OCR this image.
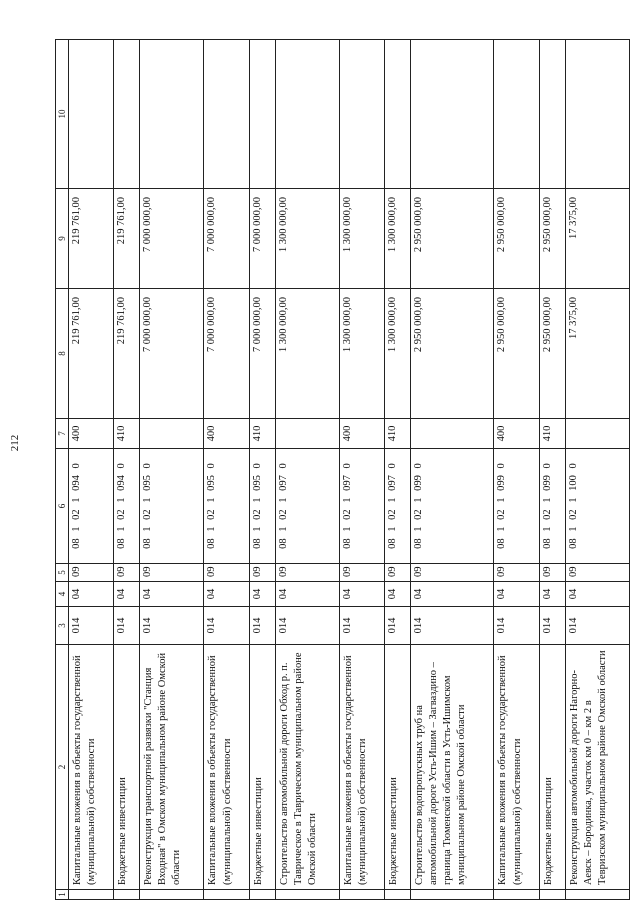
212
1	2	3	4	5	6	7	8	9	10
	Капитальные вложения в объекты государственной (муниципальной) собственности	014	04	09	08 1 02 1 094 0	400	219 761,00	219 761,00	
	Бюджетные инвестиции	014	04	09	08 1 02 1 094 0	410	219 761,00	219 761,00	
	Реконструкция транспортной развязки "Станция Входная" в Омском муниципальном районе Омской области	014	04	09	08 1 02 1 095 0		7 000 000,00	7 000 000,00	
	Капитальные вложения в объекты государственной (муниципальной) собственности	014	04	09	08 1 02 1 095 0	400	7 000 000,00	7 000 000,00	
	Бюджетные инвестиции	014	04	09	08 1 02 1 095 0	410	7 000 000,00	7 000 000,00	
	Строительство автомобильной дороги Обход р. п. Таврическое в Таврическом муниципальном районе Омской области	014	04	09	08 1 02 1 097 0		1 300 000,00	1 300 000,00	
	Капитальные вложения в объекты государственной (муниципальной) собственности	014	04	09	08 1 02 1 097 0	400	1 300 000,00	1 300 000,00	
	Бюджетные инвестиции	014	04	09	08 1 02 1 097 0	410	1 300 000,00	1 300 000,00	
	Строительство водопропускных труб на автомобильной дороге Усть-Ишим – Загваздино – граница Тюменской области в Усть-Ишимском муниципальном районе Омской области	014	04	09	08 1 02 1 099 0		2 950 000,00	2 950 000,00	
	Капитальные вложения в объекты государственной (муниципальной) собственности	014	04	09	08 1 02 1 099 0	400	2 950 000,00	2 950 000,00	
	Бюджетные инвестиции	014	04	09	08 1 02 1 099 0	410	2 950 000,00	2 950 000,00	
	Реконструкция автомобильной дороги Нагорно-Аевск – Бородинка, участок км 0 – км 2 в Тевризском муниципальном районе Омской области	014	04	09	08 1 02 1 100 0		17 375,00	17 375,00	
